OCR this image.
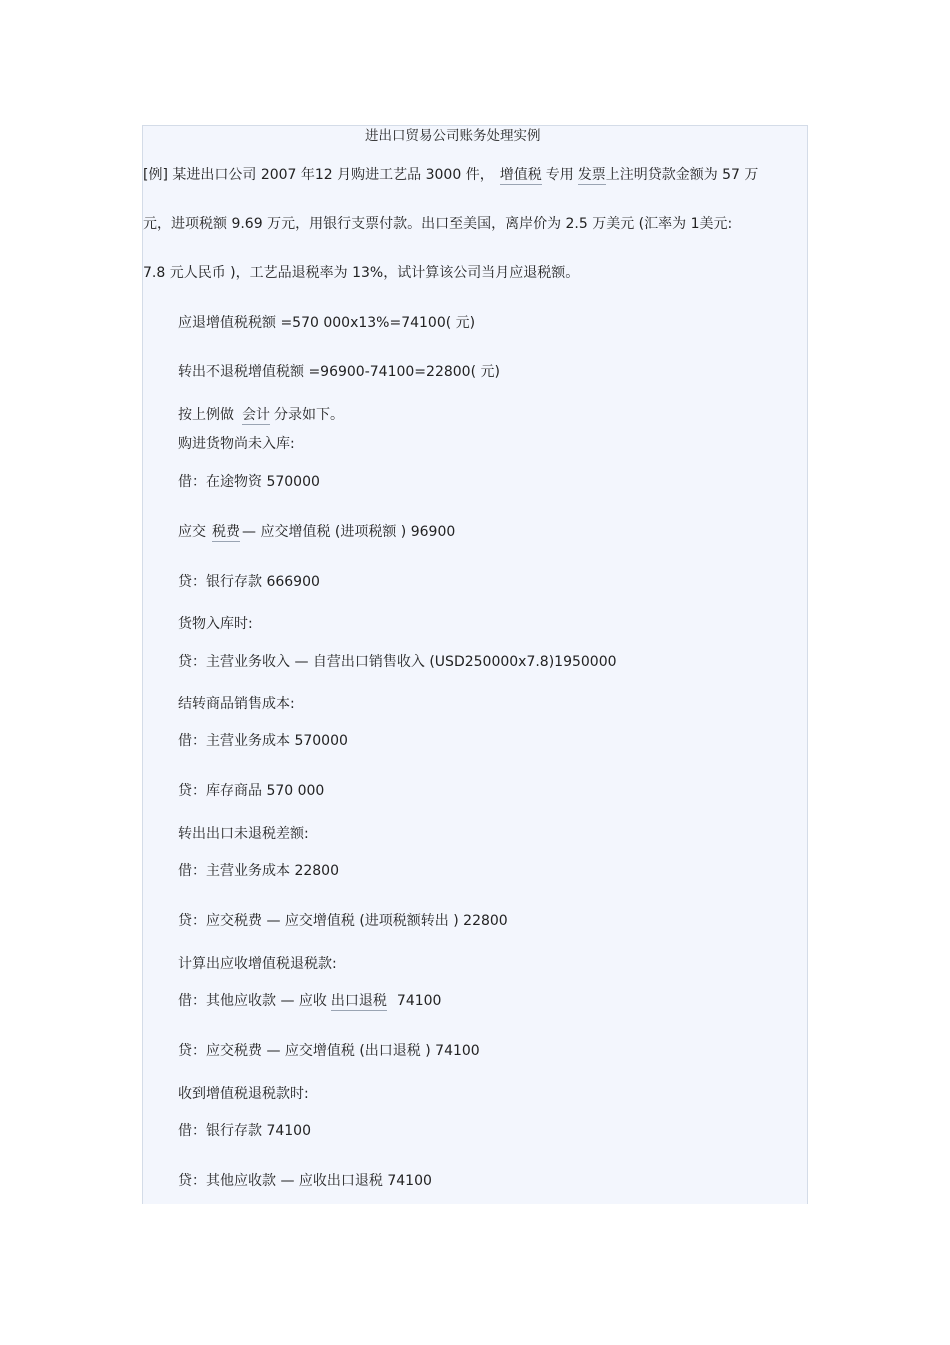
进出口贸易公司账务处理实例
[例] 某进出口公司 2007 年12 月购进工艺品 3000 件， 增值税 专用 发票上注明贷款金额为 57 万
元，进项税额 9.69 万元，用银行支票付款。出口至美国，离岸价为 2.5 万美元 (汇率为 1美元:
7.8 元人民币 )，工艺品退税率为 13%，试计算该公司当月应退税额。
应退增值税税额 =570 000x13%=74100( 元)
转出不退税增值税额 =96900-74100=22800( 元)
按上例做 会计 分录如下。
购进货物尚未入库:
借：在途物资 570000
应交 税费 — 应交增值税 (进项税额 ) 96900
贷：银行存款 666900
货物入库时:
贷：主营业务收入 — 自营出口销售收入 (USD250000x7.8)1950000
结转商品销售成本:
借：主营业务成本 570000
贷：库存商品 570 000
转出出口未退税差额:
借：主营业务成本 22800
贷：应交税费 — 应交增值税 (进项税额转出 ) 22800
计算出应收增值税退税款:
借：其他应收款 — 应收 出口退税 74100
贷：应交税费 — 应交增值税 (出口退税 ) 74100
收到增值税退税款时:
借：银行存款 74100
贷：其他应收款 — 应收出口退税 74100
